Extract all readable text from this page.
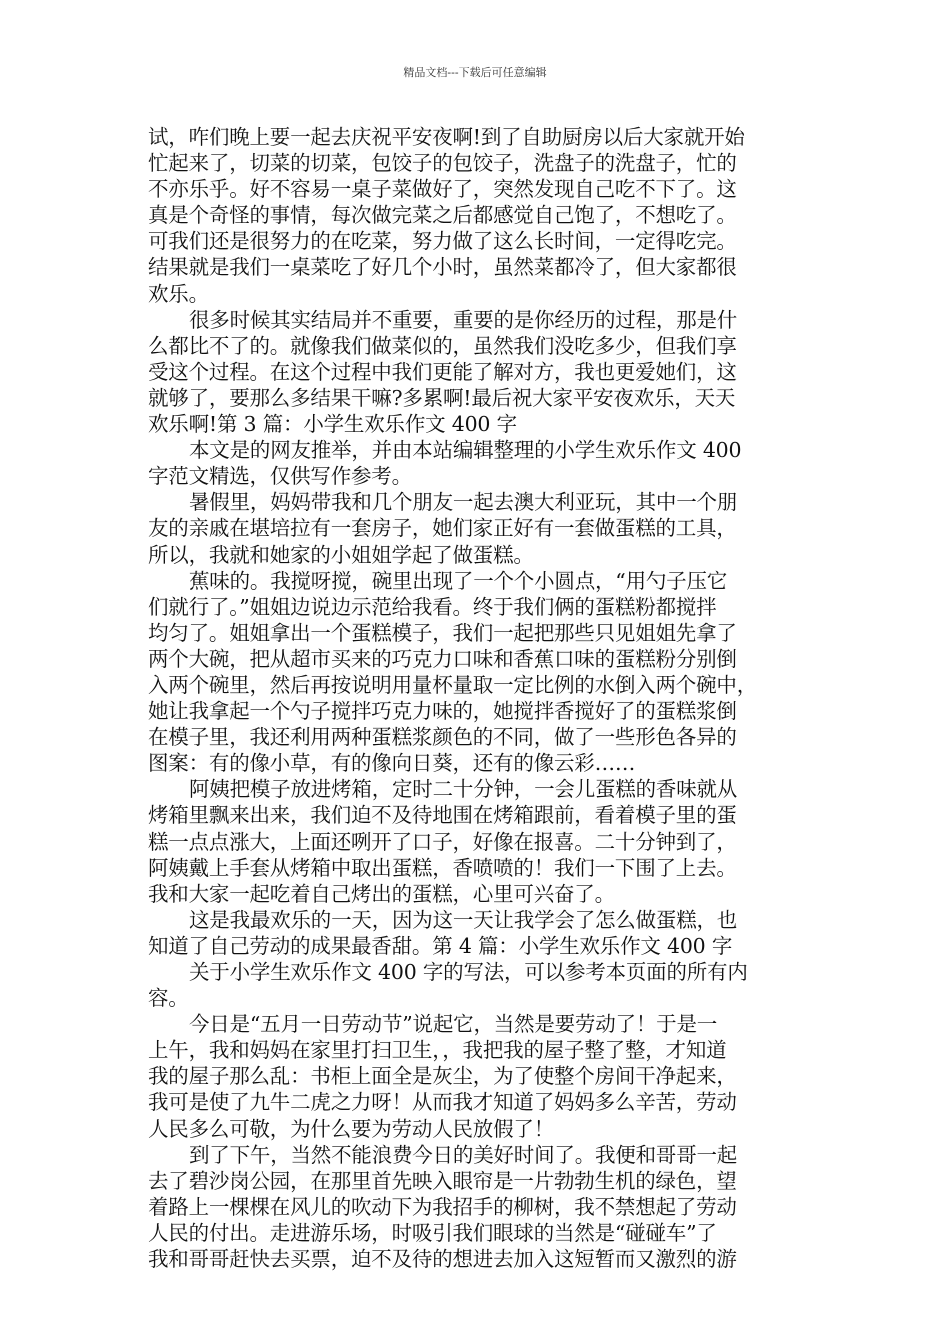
精品文档---下载后可任意编辑
试，咋们晚上要一起去庆祝平安夜啊!到了自助厨房以后大家就开始
忙起来了，切菜的切菜，包饺子的包饺子，洗盘子的洗盘子，忙的
不亦乐乎。好不容易一桌子菜做好了，突然发现自己吃不下了。这
真是个奇怪的事情，每次做完菜之后都感觉自己饱了，不想吃了。
可我们还是很努力的在吃菜，努力做了这么长时间，一定得吃完。
结果就是我们一桌菜吃了好几个小时，虽然菜都冷了，但大家都很
欢乐。
很多时候其实结局并不重要，重要的是你经历的过程，那是什
么都比不了的。就像我们做菜似的，虽然我们没吃多少，但我们享
受这个过程。在这个过程中我们更能了解对方，我也更爱她们，这
就够了，要那么多结果干嘛?多累啊!最后祝大家平安夜欢乐，天天
欢乐啊!第 3 篇：小学生欢乐作文 400 字
本文是的网友推举，并由本站编辑整理的小学生欢乐作文 400
字范文精选，仅供写作参考。
暑假里，妈妈带我和几个朋友一起去澳大利亚玩，其中一个朋
友的亲戚在堪培拉有一套房子，她们家正好有一套做蛋糕的工具，
所以，我就和她家的小姐姐学起了做蛋糕。
蕉味的。我搅呀搅，碗里出现了一个个小圆点，“用勺子压它
们就行了。”姐姐边说边示范给我看。终于我们俩的蛋糕粉都搅拌
均匀了。姐姐拿出一个蛋糕模子，我们一起把那些只见姐姐先拿了
两个大碗，把从超市买来的巧克力口味和香蕉口味的蛋糕粉分别倒
入两个碗里，然后再按说明用量杯量取一定比例的水倒入两个碗中，
她让我拿起一个勺子搅拌巧克力味的，她搅拌香搅好了的蛋糕浆倒
在模子里，我还利用两种蛋糕浆颜色的不同，做了一些形色各异的
图案：有的像小草，有的像向日葵，还有的像云彩……
阿姨把模子放进烤箱，定时二十分钟，一会儿蛋糕的香味就从
烤箱里飘来出来，我们迫不及待地围在烤箱跟前，看着模子里的蛋
糕一点点涨大，上面还咧开了口子，好像在报喜。二十分钟到了，
阿姨戴上手套从烤箱中取出蛋糕，香喷喷的！我们一下围了上去。
我和大家一起吃着自己烤出的蛋糕，心里可兴奋了。
这是我最欢乐的一天，因为这一天让我学会了怎么做蛋糕，也
知道了自己劳动的成果最香甜。第 4 篇：小学生欢乐作文 400 字
关于小学生欢乐作文 400 字的写法，可以参考本页面的所有内
容。
今日是“五月一日劳动节”说起它，当然是要劳动了！于是一
上午，我和妈妈在家里打扫卫生，，我把我的屋子整了整，才知道
我的屋子那么乱：书柜上面全是灰尘，为了使整个房间干净起来，
我可是使了九牛二虎之力呀！从而我才知道了妈妈多么辛苦，劳动
人民多么可敬，为什么要为劳动人民放假了！
到了下午，当然不能浪费今日的美好时间了。我便和哥哥一起
去了碧沙岗公园，在那里首先映入眼帘是一片勃勃生机的绿色，望
着路上一棵棵在风儿的吹动下为我招手的柳树，我不禁想起了劳动
人民的付出。走进游乐场，时吸引我们眼球的当然是“碰碰车”了
我和哥哥赶快去买票，迫不及待的想进去加入这短暂而又激烈的游
